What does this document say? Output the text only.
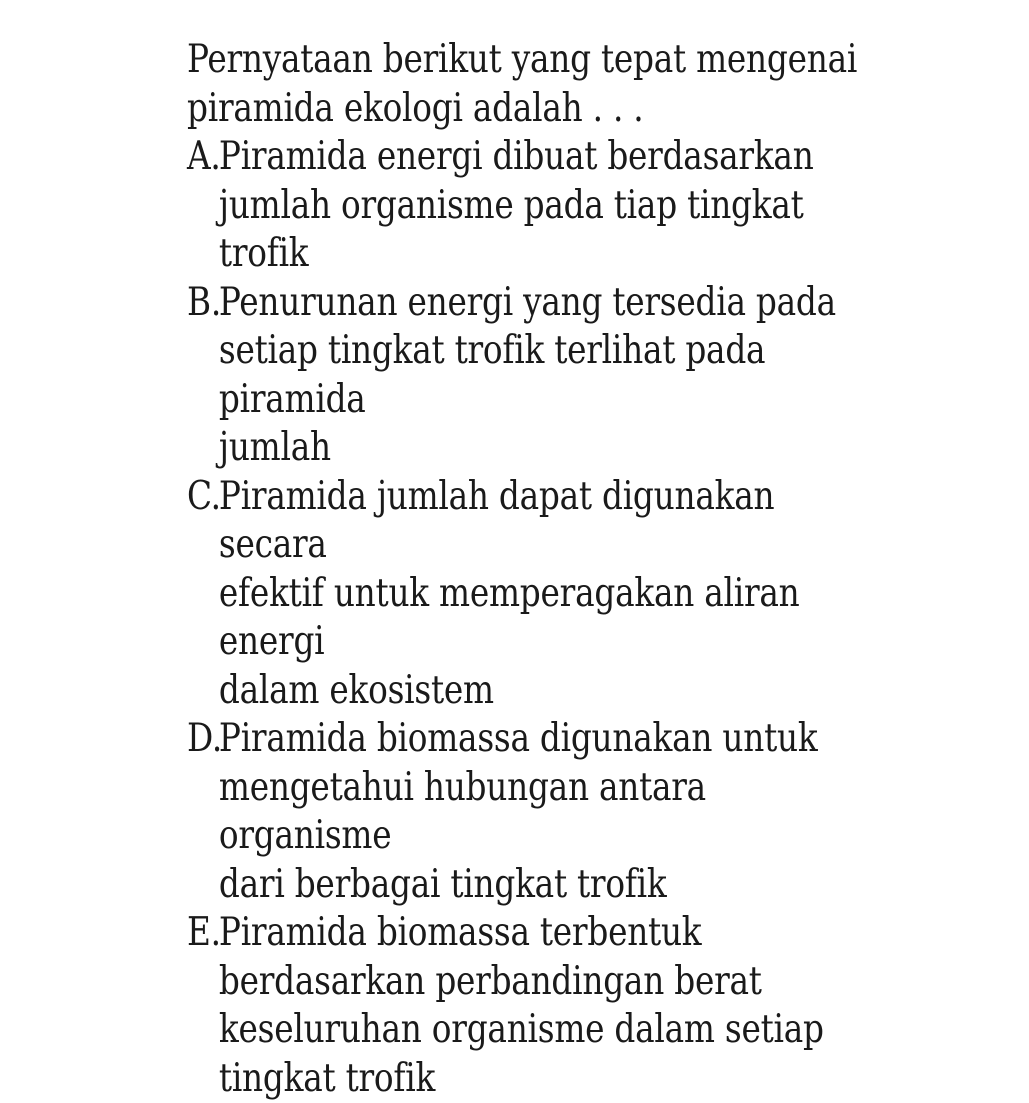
Pernyataan berikut yang tepat mengenai
piramida ekologi adalah . . .

A.
Piramida energi dibuat berdasarkan
jumlah organisme pada tiap tingkat trofik
B.
Penurunan energi yang tersedia pada
setiap tingkat trofik terlihat pada piramida
jumlah
C.
Piramida jumlah dapat digunakan secara
efektif untuk memperagakan aliran energi
dalam ekosistem
D.
Piramida biomassa digunakan untuk
mengetahui hubungan antara organisme
dari berbagai tingkat trofik
E.
Piramida biomassa terbentuk
berdasarkan perbandingan berat
keseluruhan organisme dalam setiap
tingkat trofik
